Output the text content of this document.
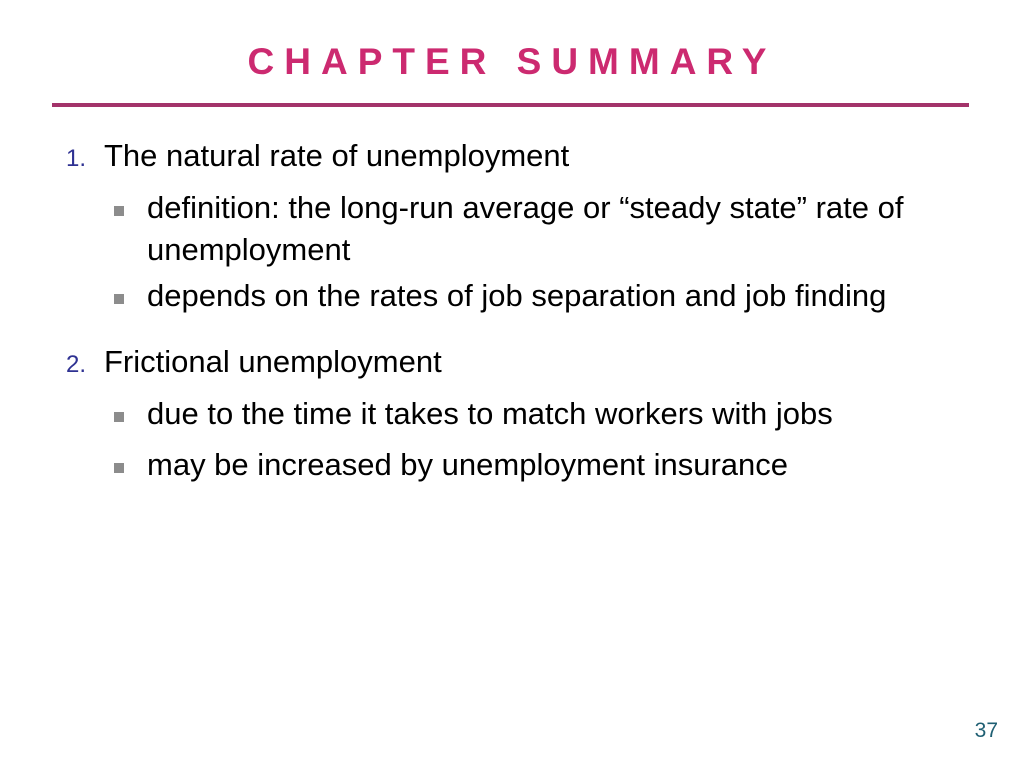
CHAPTER SUMMARY
1. The natural rate of unemployment
definition: the long-run average or “steady state” rate of unemployment
depends on the rates of job separation and job finding
2. Frictional unemployment
due to the time it takes to match workers with jobs
may be increased by unemployment insurance
37
